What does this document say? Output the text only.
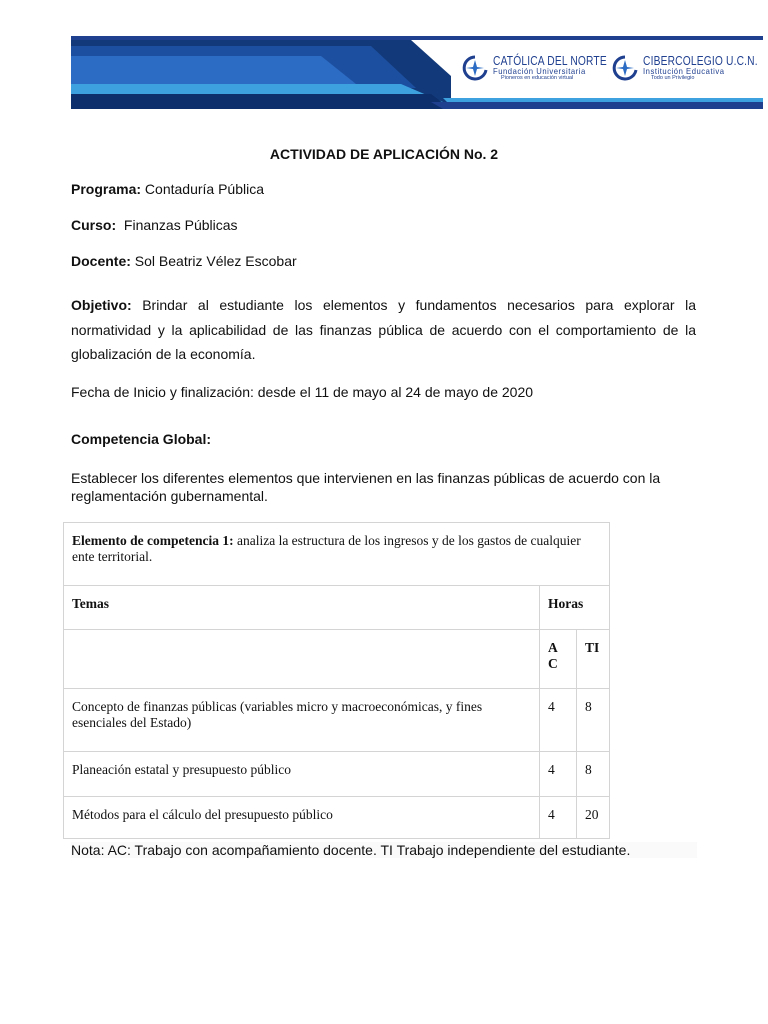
CATÓLICA DEL NORTE
Fundación Universitaria
Pioneros en educación virtual
CIBERCOLEGIO U.C.N.
Institución Educativa
Todo un Privilegio
ACTIVIDAD DE APLICACIÓN No. 2
Programa: Contaduría Pública
Curso:  Finanzas Públicas
Docente: Sol Beatriz Vélez Escobar
Objetivo: Brindar al estudiante los elementos y fundamentos necesarios para explorar la normatividad y la aplicabilidad de las finanzas pública de acuerdo con el comportamiento de la globalización de la economía.
Fecha de Inicio y finalización: desde el 11 de mayo al 24 de mayo de 2020
Competencia Global:
Establecer los diferentes elementos que intervienen en las finanzas públicas de acuerdo con la reglamentación gubernamental.
Elemento de competencia 1: analiza la estructura de los ingresos y de los gastos de cualquier ente territorial.		
Temas	Horas	
	A C	TI
Concepto de finanzas públicas (variables micro y macroeconómicas, y fines esenciales del Estado)	4	8
Planeación estatal y presupuesto público	4	8
Métodos para el cálculo del presupuesto público	4	20
Nota: AC: Trabajo con acompañamiento docente. TI Trabajo independiente del estudiante.
